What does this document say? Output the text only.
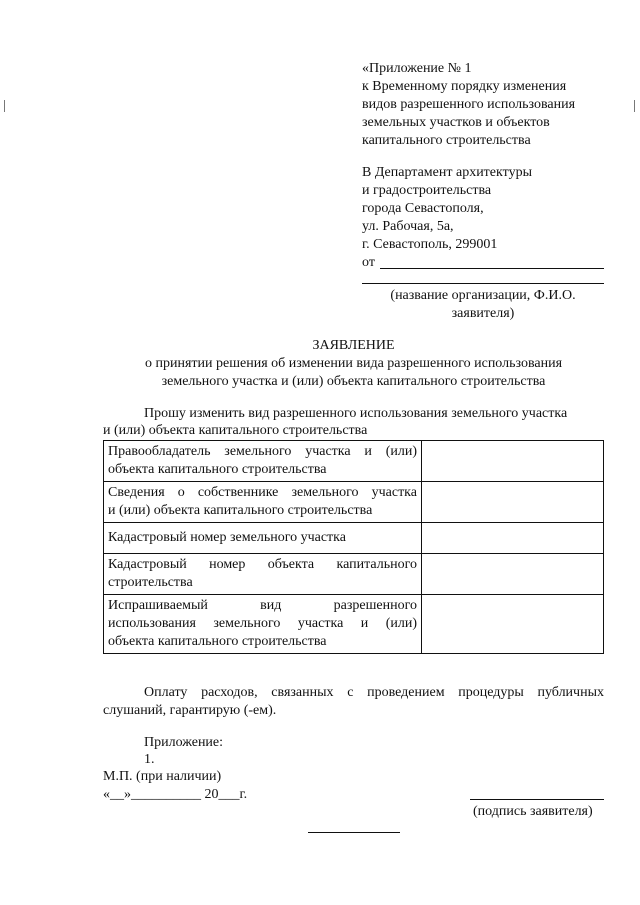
«Приложение № 1
к Временному порядку изменения
видов разрешенного использования
земельных участков и объектов
капитального строительства
В Департамент архитектуры
и градостроительства
города Севастополя,
ул. Рабочая, 5а,
г. Севастополь, 299001
от
(название организации, Ф.И.О.
заявителя)
ЗАЯВЛЕНИЕ
о принятии решения об изменении вида разрешенного использования
земельного участка и (или) объекта капитального строительства
Прошу изменить вид разрешенного использования земельного участка
и (или) объекта капитального строительства
Правообладатель земельного участка и (или)
объекта капитального строительства	

Сведения о собственнике земельного участка
и (или) объекта капитального строительства	
Кадастровый номер земельного участка	

Кадастровый номер объекта капитального
строительства	

Испрашиваемый вид разрешенного
использования земельного участка и (или)
объекта капитального строительства	
Оплату расходов, связанных с проведением процедуры публичных
слушаний, гарантирую (-ем).
Приложение:
1.
М.П. (при наличии)
«__»__________ 20___г.
(подпись заявителя)
